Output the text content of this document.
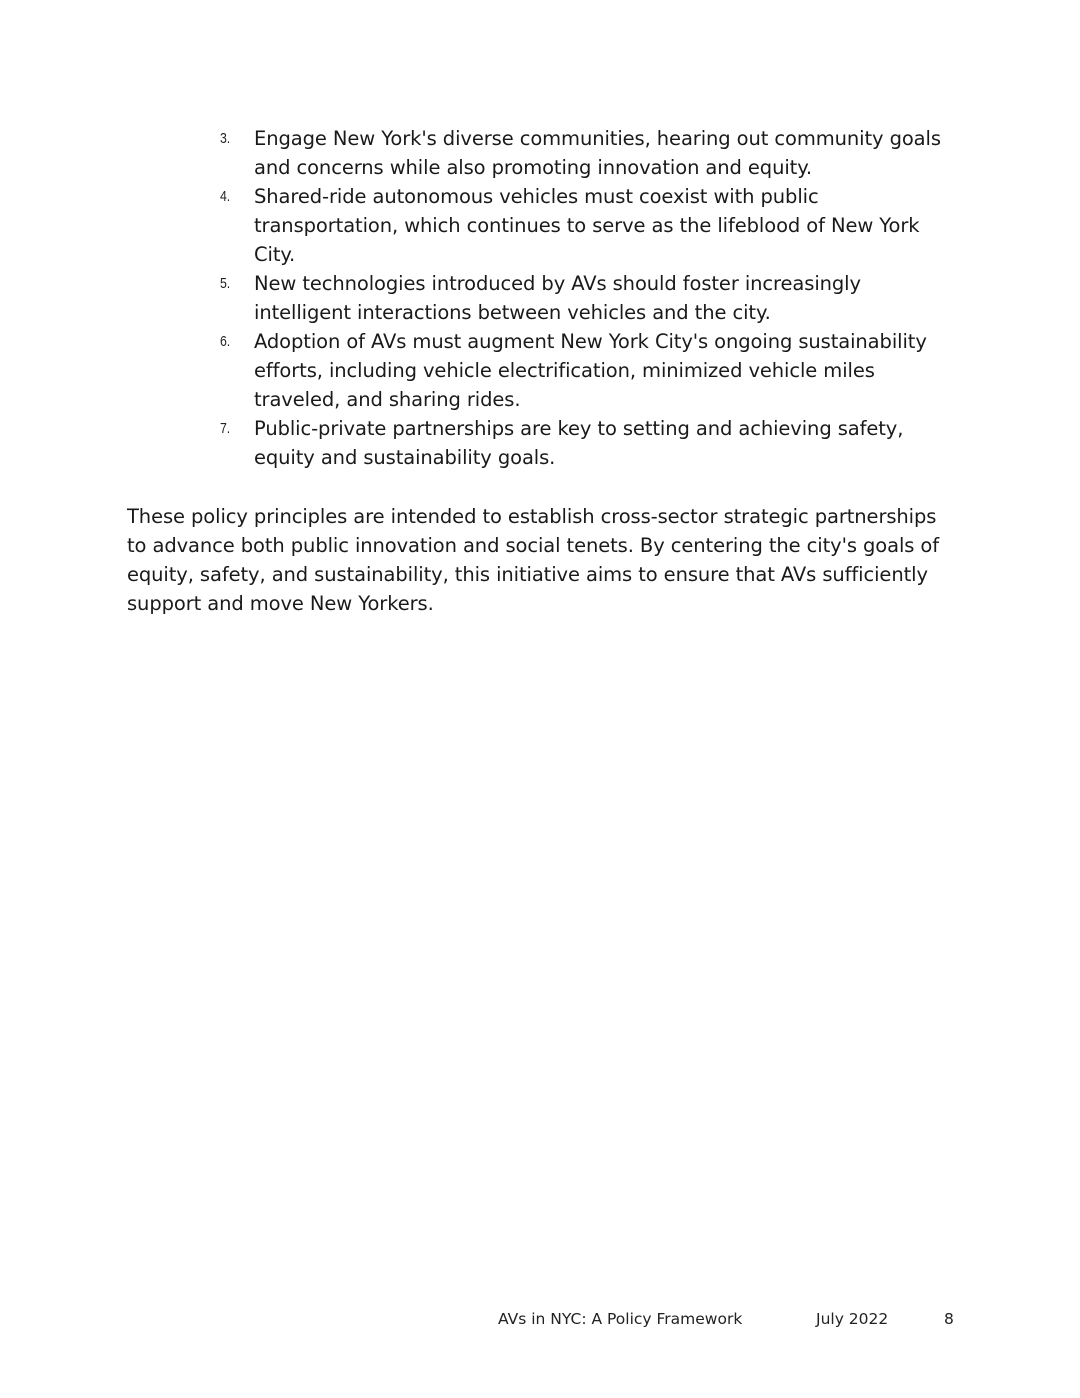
3. Engage New York's diverse communities, hearing out community goals and concerns while also promoting innovation and equity.
4. Shared-ride autonomous vehicles must coexist with public transportation, which continues to serve as the lifeblood of New York City.
5. New technologies introduced by AVs should foster increasingly intelligent interactions between vehicles and the city.
6. Adoption of AVs must augment New York City's ongoing sustainability efforts, including vehicle electrification, minimized vehicle miles traveled, and sharing rides.
7. Public-private partnerships are key to setting and achieving safety, equity and sustainability goals.

These policy principles are intended to establish cross-sector strategic partnerships to advance both public innovation and social tenets. By centering the city's goals of equity, safety, and sustainability, this initiative aims to ensure that AVs sufficiently support and move New Yorkers.

AVs in NYC: A Policy Framework	July 2022	8
